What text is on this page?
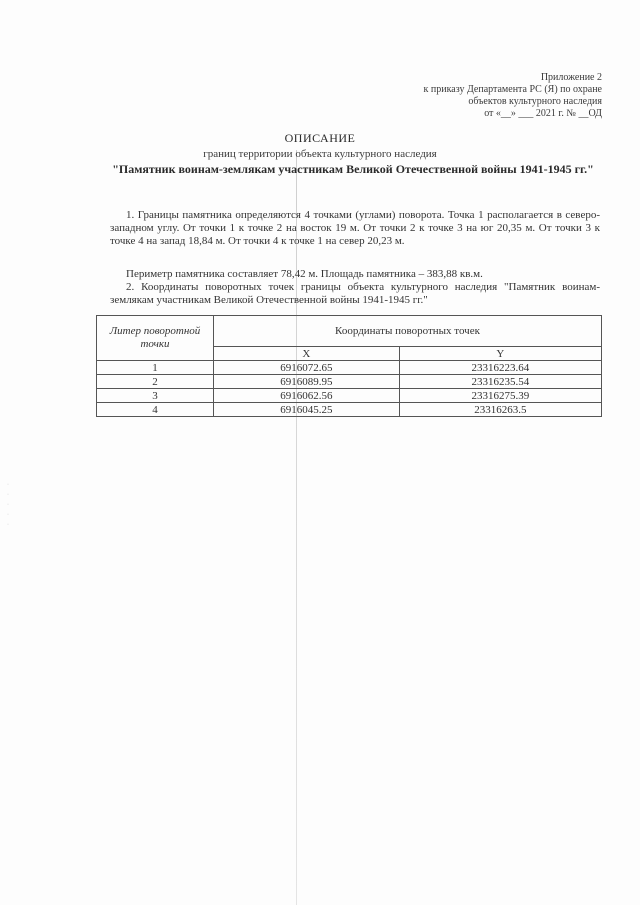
·
·
·
·
·
Приложение 2
к приказу Департамента РС (Я) по охране
объектов культурного наследия
от «__» ___ 2021 г. № __ОД
ОПИСАНИЕ
границ территории объекта культурного наследия
"Памятник воинам-землякам участникам Великой Отечественной войны 1941-1945 гг."
1. Границы памятника определяются 4 точками (углами) поворота. Точка 1 располагается в северо-западном углу. От точки 1 к точке 2 на восток 19 м. От точки 2 к точке 3 на юг 20,35 м. От точки 3 к точке 4 на запад 18,84 м. От точки 4 к точке 1 на север 20,23 м.
Периметр памятника составляет 78,42 м. Площадь памятника – 383,88 кв.м.
2. Координаты поворотных точек границы объекта культурного наследия "Памятник воинам-землякам участникам Великой Отечественной войны 1941-1945 гг."
Литер поворотной точки	Координаты поворотных точек	
	X	Y
1	6916072.65	23316223.64
2	6916089.95	23316235.54
3	6916062.56	23316275.39
4	6916045.25	23316263.5
